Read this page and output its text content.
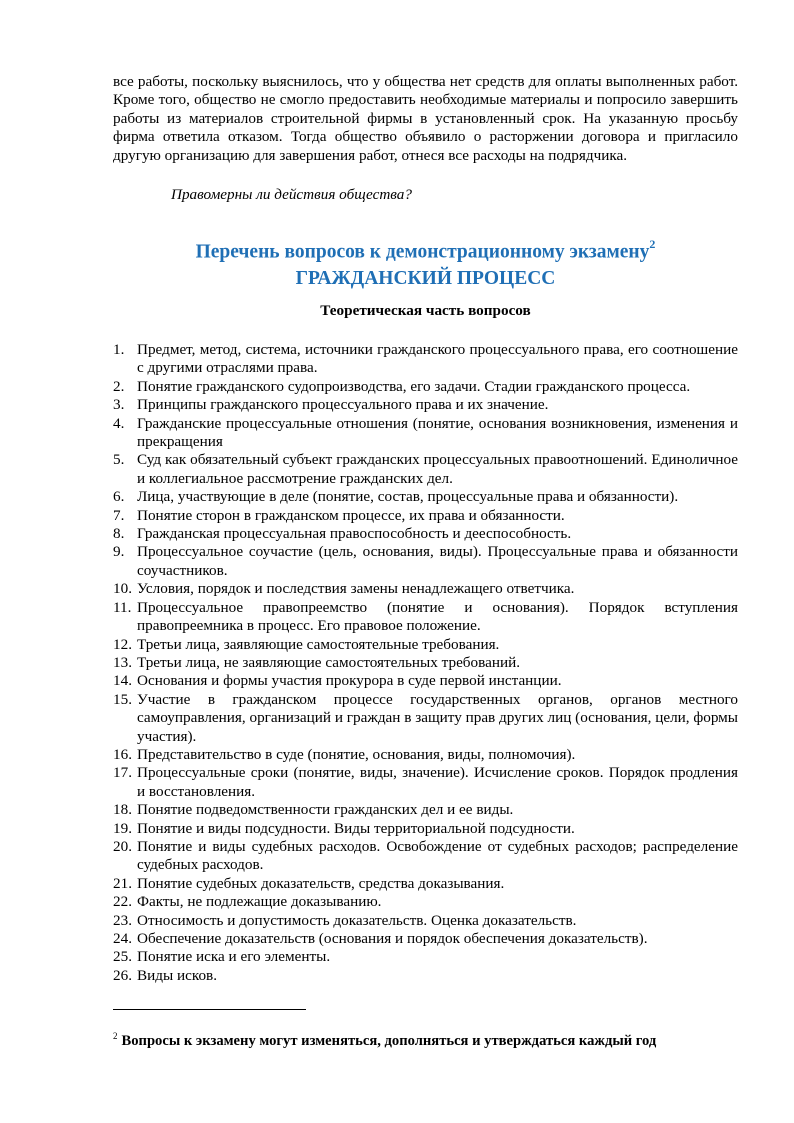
все работы, поскольку выяснилось, что у общества нет средств для оплаты выполненных работ. Кроме того, общество не смогло предоставить необходимые материалы и попросило завершить работы из материалов строительной фирмы в установленный срок. На указанную просьбу фирма ответила отказом. Тогда общество объявило о расторжении договора и пригласило другую организацию для завершения работ, отнеся все расходы на подрядчика.

Правомерны ли действия общества?

Перечень вопросов к демонстрационному экзамену$^2$
ГРАЖДАНСКИЙ ПРОЦЕСС

Теоретическая часть вопросов

1. Предмет, метод, система, источники гражданского процессуального права, его соотношение с другими отраслями права.
2. Понятие гражданского судопроизводства, его задачи. Стадии гражданского процесса.
3. Принципы гражданского процессуального права и их значение.
4. Гражданские процессуальные отношения (понятие, основания возникновения, изменения и прекращения
5. Суд как обязательный субъект гражданских процессуальных правоотношений. Единоличное и коллегиальное рассмотрение гражданских дел.
6. Лица, участвующие в деле (понятие, состав, процессуальные права и обязанности).
7. Понятие сторон в гражданском процессе, их права и обязанности.
8. Гражданская процессуальная правоспособность и дееспособность.
9. Процессуальное соучастие (цель, основания, виды). Процессуальные права и обязанности соучастников.
10. Условия, порядок и последствия замены ненадлежащего ответчика.
11. Процессуальное правопреемство (понятие и основания). Порядок вступления правопреемника в процесс. Его правовое положение.
12. Третьи лица, заявляющие самостоятельные требования.
13. Третьи лица, не заявляющие самостоятельных требований.
14. Основания и формы участия прокурора в суде первой инстанции.
15. Участие в гражданском процессе государственных органов, органов местного самоуправления, организаций и граждан в защиту прав других лиц (основания, цели, формы участия).
16. Представительство в суде (понятие, основания, виды, полномочия).
17. Процессуальные сроки (понятие, виды, значение). Исчисление сроков. Порядок продления и восстановления.
18. Понятие подведомственности гражданских дел и ее виды.
19. Понятие и виды подсудности. Виды территориальной подсудности.
20. Понятие и виды судебных расходов. Освобождение от судебных расходов; распределение судебных расходов.
21. Понятие судебных доказательств, средства доказывания.
22. Факты, не подлежащие доказыванию.
23. Относимость и допустимость доказательств. Оценка доказательств.
24. Обеспечение доказательств (основания и порядок обеспечения доказательств).
25. Понятие иска и его элементы.
26. Виды исков.

$^2$ Вопросы к экзамену могут изменяться, дополняться и утверждаться каждый год
